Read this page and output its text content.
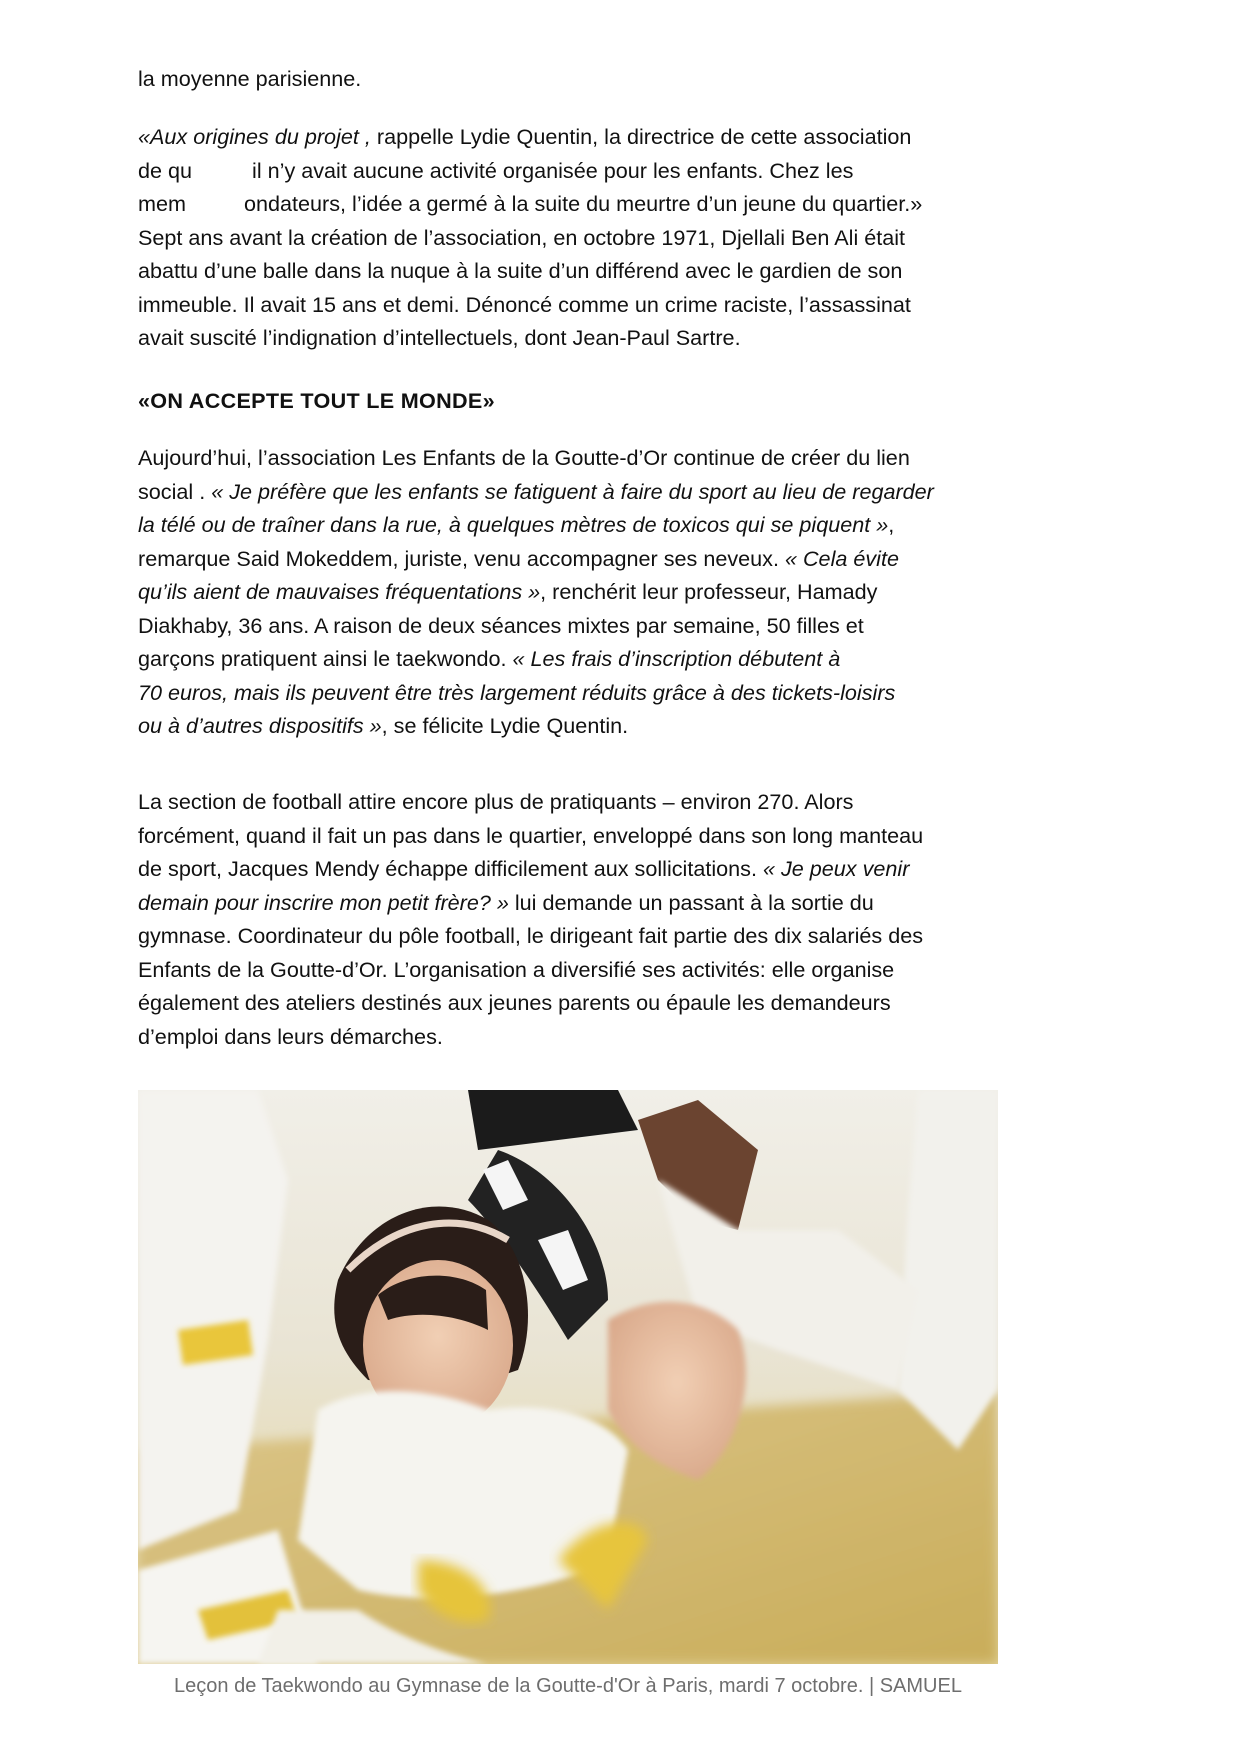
la moyenne parisienne.

«Aux origines du projet , rappelle Lydie Quentin, la directrice de cette association
de qu	il n’y avait aucune activité organisée pour les enfants. Chez les
mem	ondateurs, l’idée a germé à la suite du meurtre d’un jeune du quartier.»
Sept ans avant la création de l’association, en octobre 1971, Djellali Ben Ali était
abattu d’une balle dans la nuque à la suite d’un différend avec le gardien de son
immeuble. Il avait 15 ans et demi. Dénoncé comme un crime raciste, l’assassinat
avait suscité l’indignation d’intellectuels, dont Jean-Paul Sartre.

«ON ACCEPTE TOUT LE MONDE»

Aujourd’hui, l’association Les Enfants de la Goutte-d’Or continue de créer du lien
social . « Je préfère que les enfants se fatiguent à faire du sport au lieu de regarder
la télé ou de traîner dans la rue, à quelques mètres de toxicos qui se piquent »,
remarque Said Mokeddem, juriste, venu accompagner ses neveux. « Cela évite
qu’ils aient de mauvaises fréquentations », renchérit leur professeur, Hamady
Diakhaby, 36 ans. A raison de deux séances mixtes par semaine, 50 filles et
garçons pratiquent ainsi le taekwondo. « Les frais d’inscription débutent à
70 euros, mais ils peuvent être très largement réduits grâce à des tickets-loisirs
ou à d’autres dispositifs », se félicite Lydie Quentin.

La section de football attire encore plus de pratiquants – environ 270. Alors
forcément, quand il fait un pas dans le quartier, enveloppé dans son long manteau
de sport, Jacques Mendy échappe difficilement aux sollicitations. « Je peux venir
demain pour inscrire mon petit frère? » lui demande un passant à la sortie du
gymnase. Coordinateur du pôle football, le dirigeant fait partie des dix salariés des
Enfants de la Goutte-d’Or. L’organisation a diversifié ses activités: elle organise
également des ateliers destinés aux jeunes parents ou épaule les demandeurs
d’emploi dans leurs démarches.

Leçon de Taekwondo au Gymnase de la Goutte-d'Or à Paris, mardi 7 octobre. | SAMUEL
